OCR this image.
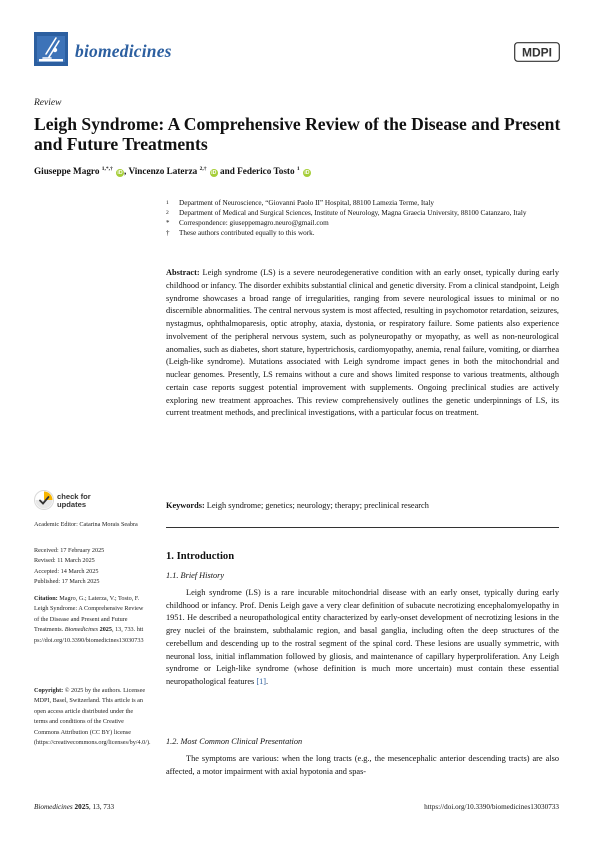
biomedicines	MDPI
Review
Leigh Syndrome: A Comprehensive Review of the Disease and Present and Future Treatments
Giuseppe Magro $^{1,*,\dagger}$ iD, Vincenzo Laterza $^{2,\dagger}$ iD and Federico Tosto $^1$ iD
1	Department of Neuroscience, “Giovanni Paolo II” Hospital, 88100 Lamezia Terme, Italy
2	Department of Medical and Surgical Sciences, Institute of Neurology, Magna Graecia University, 88100 Catanzaro, Italy
*	Correspondence: giuseppemagro.neuro@gmail.com
†	These authors contributed equally to this work.
Abstract: Leigh syndrome (LS) is a severe neurodegenerative condition with an early onset, typically during early childhood or infancy. The disorder exhibits substantial clinical and genetic diversity. From a clinical standpoint, Leigh syndrome showcases a broad range of irregularities, ranging from severe neurological issues to minimal or no discernible abnormalities. The central nervous system is most affected, resulting in psychomotor retardation, seizures, nystagmus, ophthalmoparesis, optic atrophy, ataxia, dystonia, or respiratory failure. Some patients also experience involvement of the peripheral nervous system, such as polyneuropathy or myopathy, as well as non-neurological anomalies, such as diabetes, short stature, hypertrichosis, cardiomyopathy, anemia, renal failure, vomiting, or diarrhea (Leigh-like syndrome). Mutations associated with Leigh syndrome impact genes in both the mitochondrial and nuclear genomes. Presently, LS remains without a cure and shows limited response to various treatments, although certain case reports suggest potential improvement with supplements. Ongoing preclinical studies are actively exploring new treatment approaches. This review comprehensively outlines the genetic underpinnings of LS, its current treatment methods, and preclinical investigations, with a particular focus on treatment.
Keywords: Leigh syndrome; genetics; neurology; therapy; preclinical research
check for
updates
Academic Editor: Catarina Morais Seabra
Received: 17 February 2025
Revised: 11 March 2025
Accepted: 14 March 2025
Published: 17 March 2025
Citation: Magro, G.; Laterza, V.; Tosto, F. Leigh Syndrome: A Comprehensive Review of the Disease and Present and Future Treatments. Biomedicines 2025, 13, 733. https://doi.org/10.3390/biomedicines13030733
Copyright: © 2025 by the authors. Licensee MDPI, Basel, Switzerland. This article is an open access article distributed under the terms and conditions of the Creative Commons Attribution (CC BY) license (https://creativecommons.org/licenses/by/4.0/).
1. Introduction
1.1. Brief History
Leigh syndrome (LS) is a rare incurable mitochondrial disease with an early onset, typically during early childhood or infancy. Prof. Denis Leigh gave a very clear definition of subacute necrotizing encephalomyelopathy in 1951. He described a neuropathological entity characterized by early-onset development of necrotizing lesions in the grey nuclei of the brainstem, subthalamic region, and basal ganglia, including often the deep structures of the cerebellum and descending up to the rostral segment of the spinal cord. These lesions are usually symmetric, with neuronal loss, initial inflammation followed by gliosis, and maintenance of capillary hyperproliferation. Any Leigh syndrome or Leigh-like syndrome (whose definition is much more uncertain) must contain these essential neuropathological features [1].
1.2. Most Common Clinical Presentation
The symptoms are various: when the long tracts (e.g., the mesencephalic anterior descending tracts) are also affected, a motor impairment with axial hypotonia and spas-
Biomedicines 2025, 13, 733	https://doi.org/10.3390/biomedicines13030733
